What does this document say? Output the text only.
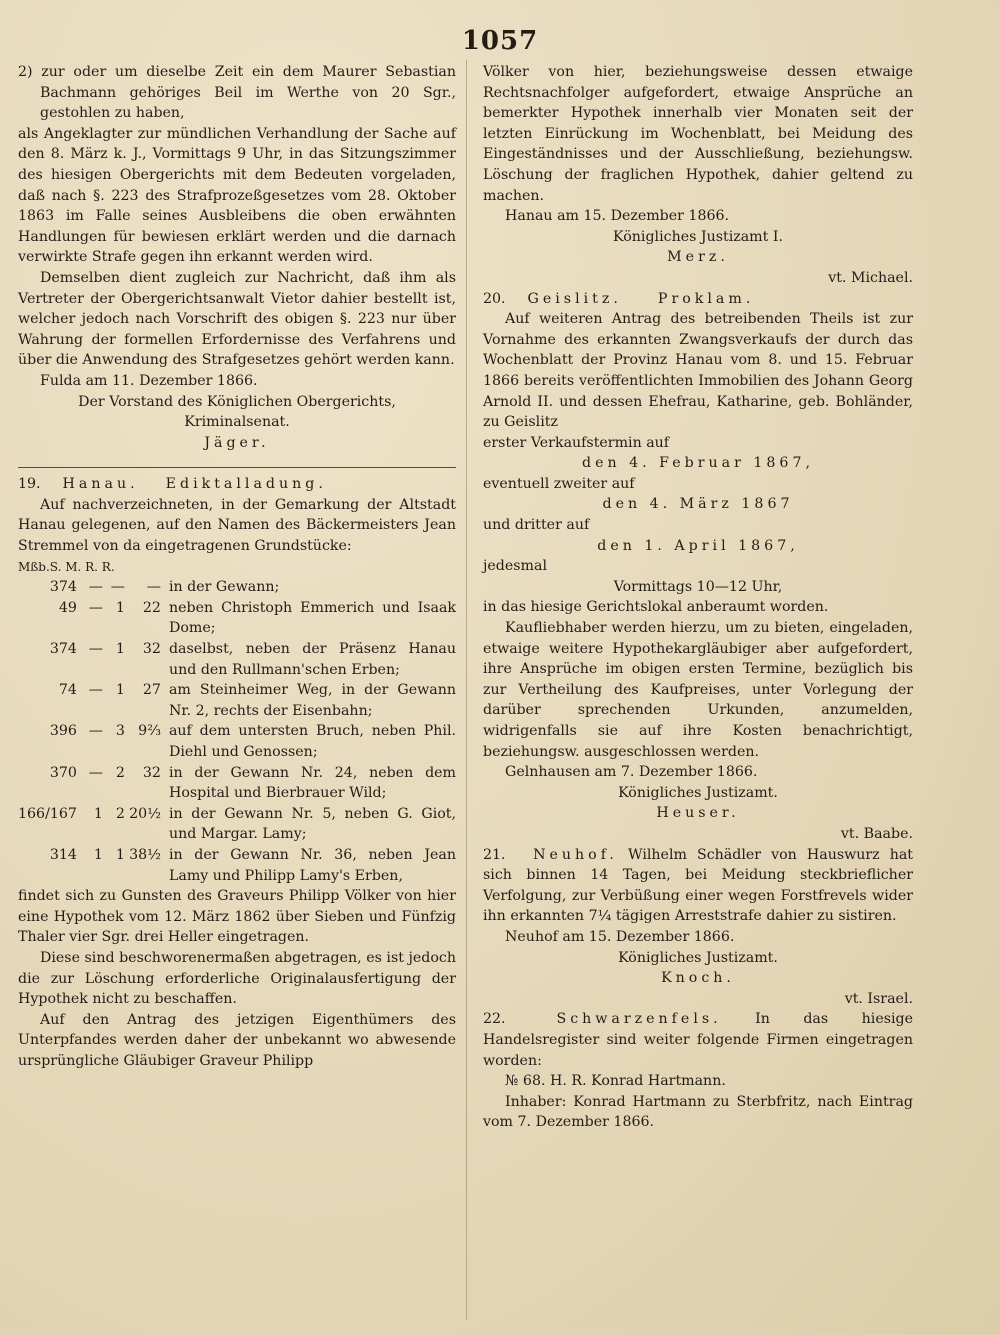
1057

2) zur oder um dieselbe Zeit ein dem Maurer Sebastian Bachmann gehöriges Beil im Werthe von 20 Sgr., gestohlen zu haben,

als Angeklagter zur mündlichen Verhandlung der Sache auf den 8. März k. J., Vormittags 9 Uhr, in das Sitzungszimmer des hiesigen Obergerichts mit dem Bedeuten vorgeladen, daß nach §. 223 des Strafprozeßgesetzes vom 28. Oktober 1863 im Falle seines Ausbleibens die oben erwähnten Handlungen für bewiesen erklärt werden und die darnach verwirkte Strafe gegen ihn erkannt werden wird.

Demselben dient zugleich zur Nachricht, daß ihm als Vertreter der Obergerichtsanwalt Vietor dahier bestellt ist, welcher jedoch nach Vorschrift des obigen §. 223 nur über Wahrung der formellen Erfordernisse des Verfahrens und über die Anwendung des Strafgesetzes gehört werden kann.

Fulda am 11. Dezember 1866.

Der Vorstand des Königlichen Obergerichts,

Kriminalsenat.

Jäger.

19. Hanau. Ediktalladung.

Auf nachverzeichneten, in der Gemarkung der Altstadt Hanau gelegenen, auf den Namen des Bäckermeisters Jean Stremmel von da eingetragenen Grundstücke:

Mßb.S. M. R. R.				
374	—	—	—	in der Gewann;
49	—	1	22	neben Christoph Emmerich und Isaak Dome;
374	—	1	32	daselbst, neben der Präsenz Hanau und den Rullmann'schen Erben;
74	—	1	27	am Steinheimer Weg, in der Gewann Nr. 2, rechts der Eisenbahn;
396	—	3	9⅔	auf dem untersten Bruch, neben Phil. Diehl und Genossen;
370	—	2	32	in der Gewann Nr. 24, neben dem Hospital und Bierbrauer Wild;
166/167	1	2	20½	in der Gewann Nr. 5, neben G. Giot, und Margar. Lamy;
314	1	1	38½	in der Gewann Nr. 36, neben Jean Lamy und Philipp Lamy's Erben,

findet sich zu Gunsten des Graveurs Philipp Völker von hier eine Hypothek vom 12. März 1862 über Sieben und Fünfzig Thaler vier Sgr. drei Heller eingetragen.

Diese sind beschworenermaßen abgetragen, es ist jedoch die zur Löschung erforderliche Originalausfertigung der Hypothek nicht zu beschaffen.

Auf den Antrag des jetzigen Eigenthümers des Unterpfandes werden daher der unbekannt wo abwesende ursprüngliche Gläubiger Graveur Philipp

Völker von hier, beziehungsweise dessen etwaige Rechtsnachfolger aufgefordert, etwaige Ansprüche an bemerkter Hypothek innerhalb vier Monaten seit der letzten Einrückung im Wochenblatt, bei Meidung des Eingeständnisses und der Ausschließung, beziehungsw. Löschung der fraglichen Hypothek, dahier geltend zu machen.

Hanau am 15. Dezember 1866.

Königliches Justizamt I.

Merz.

vt. Michael.

20. Geislitz.	Proklam.

Auf weiteren Antrag des betreibenden Theils ist zur Vornahme des erkannten Zwangsverkaufs der durch das Wochenblatt der Provinz Hanau vom 8. und 15. Februar 1866 bereits veröffentlichten Immobilien des Johann Georg Arnold II. und dessen Ehefrau, Katharine, geb. Bohländer, zu Geislitz

erster Verkaufstermin auf

den 4. Februar 1867,

eventuell zweiter auf

den 4. März 1867

und dritter auf

den 1. April 1867,

jedesmal

Vormittags 10—12 Uhr,

in das hiesige Gerichtslokal anberaumt worden.

Kaufliebhaber werden hierzu, um zu bieten, eingeladen, etwaige weitere Hypothekargläubiger aber aufgefordert, ihre Ansprüche im obigen ersten Termine, bezüglich bis zur Vertheilung des Kaufpreises, unter Vorlegung der darüber sprechenden Urkunden, anzumelden, widrigenfalls sie auf ihre Kosten benachrichtigt, beziehungsw. ausgeschlossen werden.

Gelnhausen am 7. Dezember 1866.

Königliches Justizamt.

Heuser.

vt. Baabe.

21. Neuhof. Wilhelm Schädler von Hauswurz hat sich binnen 14 Tagen, bei Meidung steckbrieflicher Verfolgung, zur Verbüßung einer wegen Forstfrevels wider ihn erkannten 7¼ tägigen Arreststrafe dahier zu sistiren.

Neuhof am 15. Dezember 1866.

Königliches Justizamt.

Knoch.

vt. Israel.

22.	Schwarzenfels. In das hiesige Handelsregister sind weiter folgende Firmen eingetragen worden:

№ 68. H. R. Konrad Hartmann.

Inhaber: Konrad Hartmann zu Sterbfritz, nach Eintrag vom 7. Dezember 1866.
